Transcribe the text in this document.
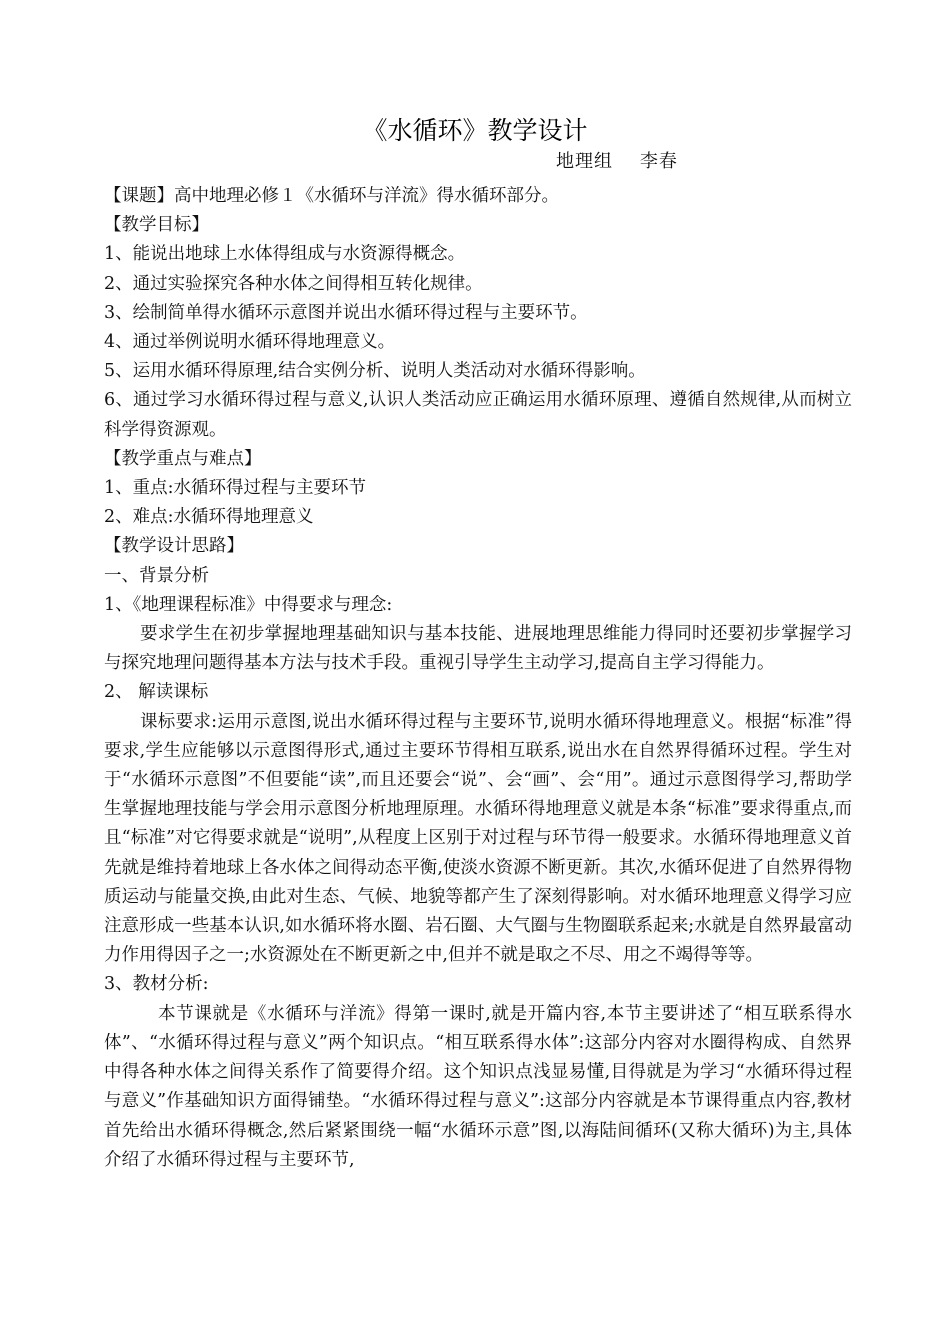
《水循环》教学设计
地理组    李春

【课题】高中地理必修１《水循环与洋流》得水循环部分。

【教学目标】

1、能说出地球上水体得组成与水资源得概念。

2、通过实验探究各种水体之间得相互转化规律。

3、绘制简单得水循环示意图并说出水循环得过程与主要环节。

4、通过举例说明水循环得地理意义。

5、运用水循环得原理,结合实例分析、说明人类活动对水循环得影响。

6、通过学习水循环得过程与意义,认识人类活动应正确运用水循环原理、遵循自然规律,从而树立科学得资源观。

【教学重点与难点】

1、重点:水循环得过程与主要环节

2、难点:水循环得地理意义

【教学设计思路】

一、背景分析

1、《地理课程标准》中得要求与理念:

要求学生在初步掌握地理基础知识与基本技能、进展地理思维能力得同时还要初步掌握学习与探究地理问题得基本方法与技术手段。重视引导学生主动学习,提高自主学习得能力。

2、 解读课标

课标要求:运用示意图,说出水循环得过程与主要环节,说明水循环得地理意义。根据“标准”得要求,学生应能够以示意图得形式,通过主要环节得相互联系,说出水在自然界得循环过程。学生对于“水循环示意图”不但要能“读”,而且还要会“说”、会“画”、会“用”。通过示意图得学习,帮助学生掌握地理技能与学会用示意图分析地理原理。水循环得地理意义就是本条“标准”要求得重点,而且“标准”对它得要求就是“说明”,从程度上区别于对过程与环节得一般要求。水循环得地理意义首先就是维持着地球上各水体之间得动态平衡,使淡水资源不断更新。其次,水循环促进了自然界得物质运动与能量交换,由此对生态、气候、地貌等都产生了深刻得影响。对水循环地理意义得学习应注意形成一些基本认识,如水循环将水圈、岩石圈、大气圈与生物圈联系起来;水就是自然界最富动力作用得因子之一;水资源处在不断更新之中,但并不就是取之不尽、用之不竭得等等。

3、教材分析:

本节课就是《水循环与洋流》得第一课时,就是开篇内容,本节主要讲述了“相互联系得水体”、“水循环得过程与意义”两个知识点。“相互联系得水体”:这部分内容对水圈得构成、自然界中得各种水体之间得关系作了简要得介绍。这个知识点浅显易懂,目得就是为学习“水循环得过程与意义”作基础知识方面得铺垫。“水循环得过程与意义”:这部分内容就是本节课得重点内容,教材首先给出水循环得概念,然后紧紧围绕一幅“水循环示意”图,以海陆间循环(又称大循环)为主,具体介绍了水循环得过程与主要环节,
